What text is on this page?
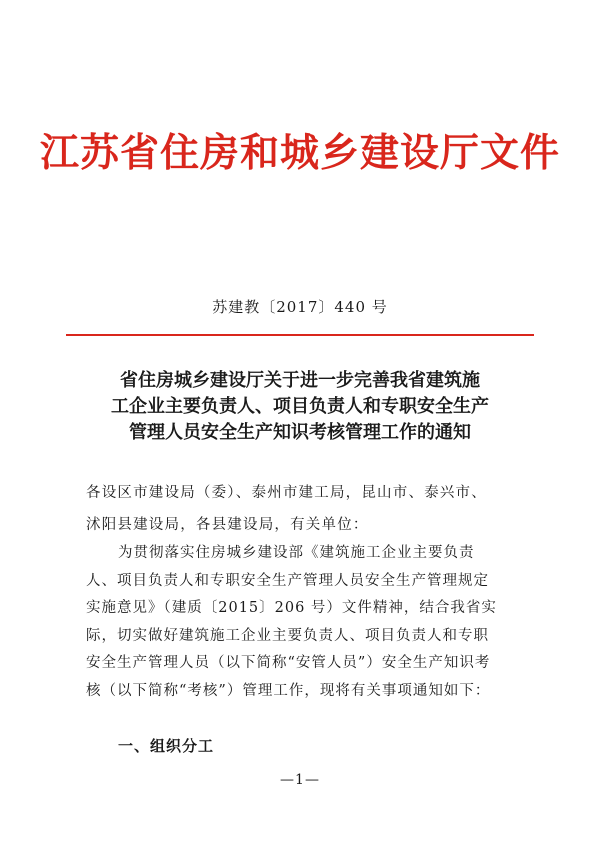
江苏省住房和城乡建设厅文件
苏建教〔2017〕440 号
省住房城乡建设厅关于进一步完善我省建筑施
工企业主要负责人、项目负责人和专职安全生产
管理人员安全生产知识考核管理工作的通知
各设区市建设局（委）、泰州市建工局，昆山市、泰兴市、
沭阳县建设局，各县建设局，有关单位：
为贯彻落实住房城乡建设部《建筑施工企业主要负责
人、项目负责人和专职安全生产管理人员安全生产管理规定
实施意见》（建质〔2015〕206 号）文件精神，结合我省实
际，切实做好建筑施工企业主要负责人、项目负责人和专职
安全生产管理人员（以下简称“安管人员”）安全生产知识考
核（以下简称“考核”）管理工作，现将有关事项通知如下：
一、组织分工
—1—
